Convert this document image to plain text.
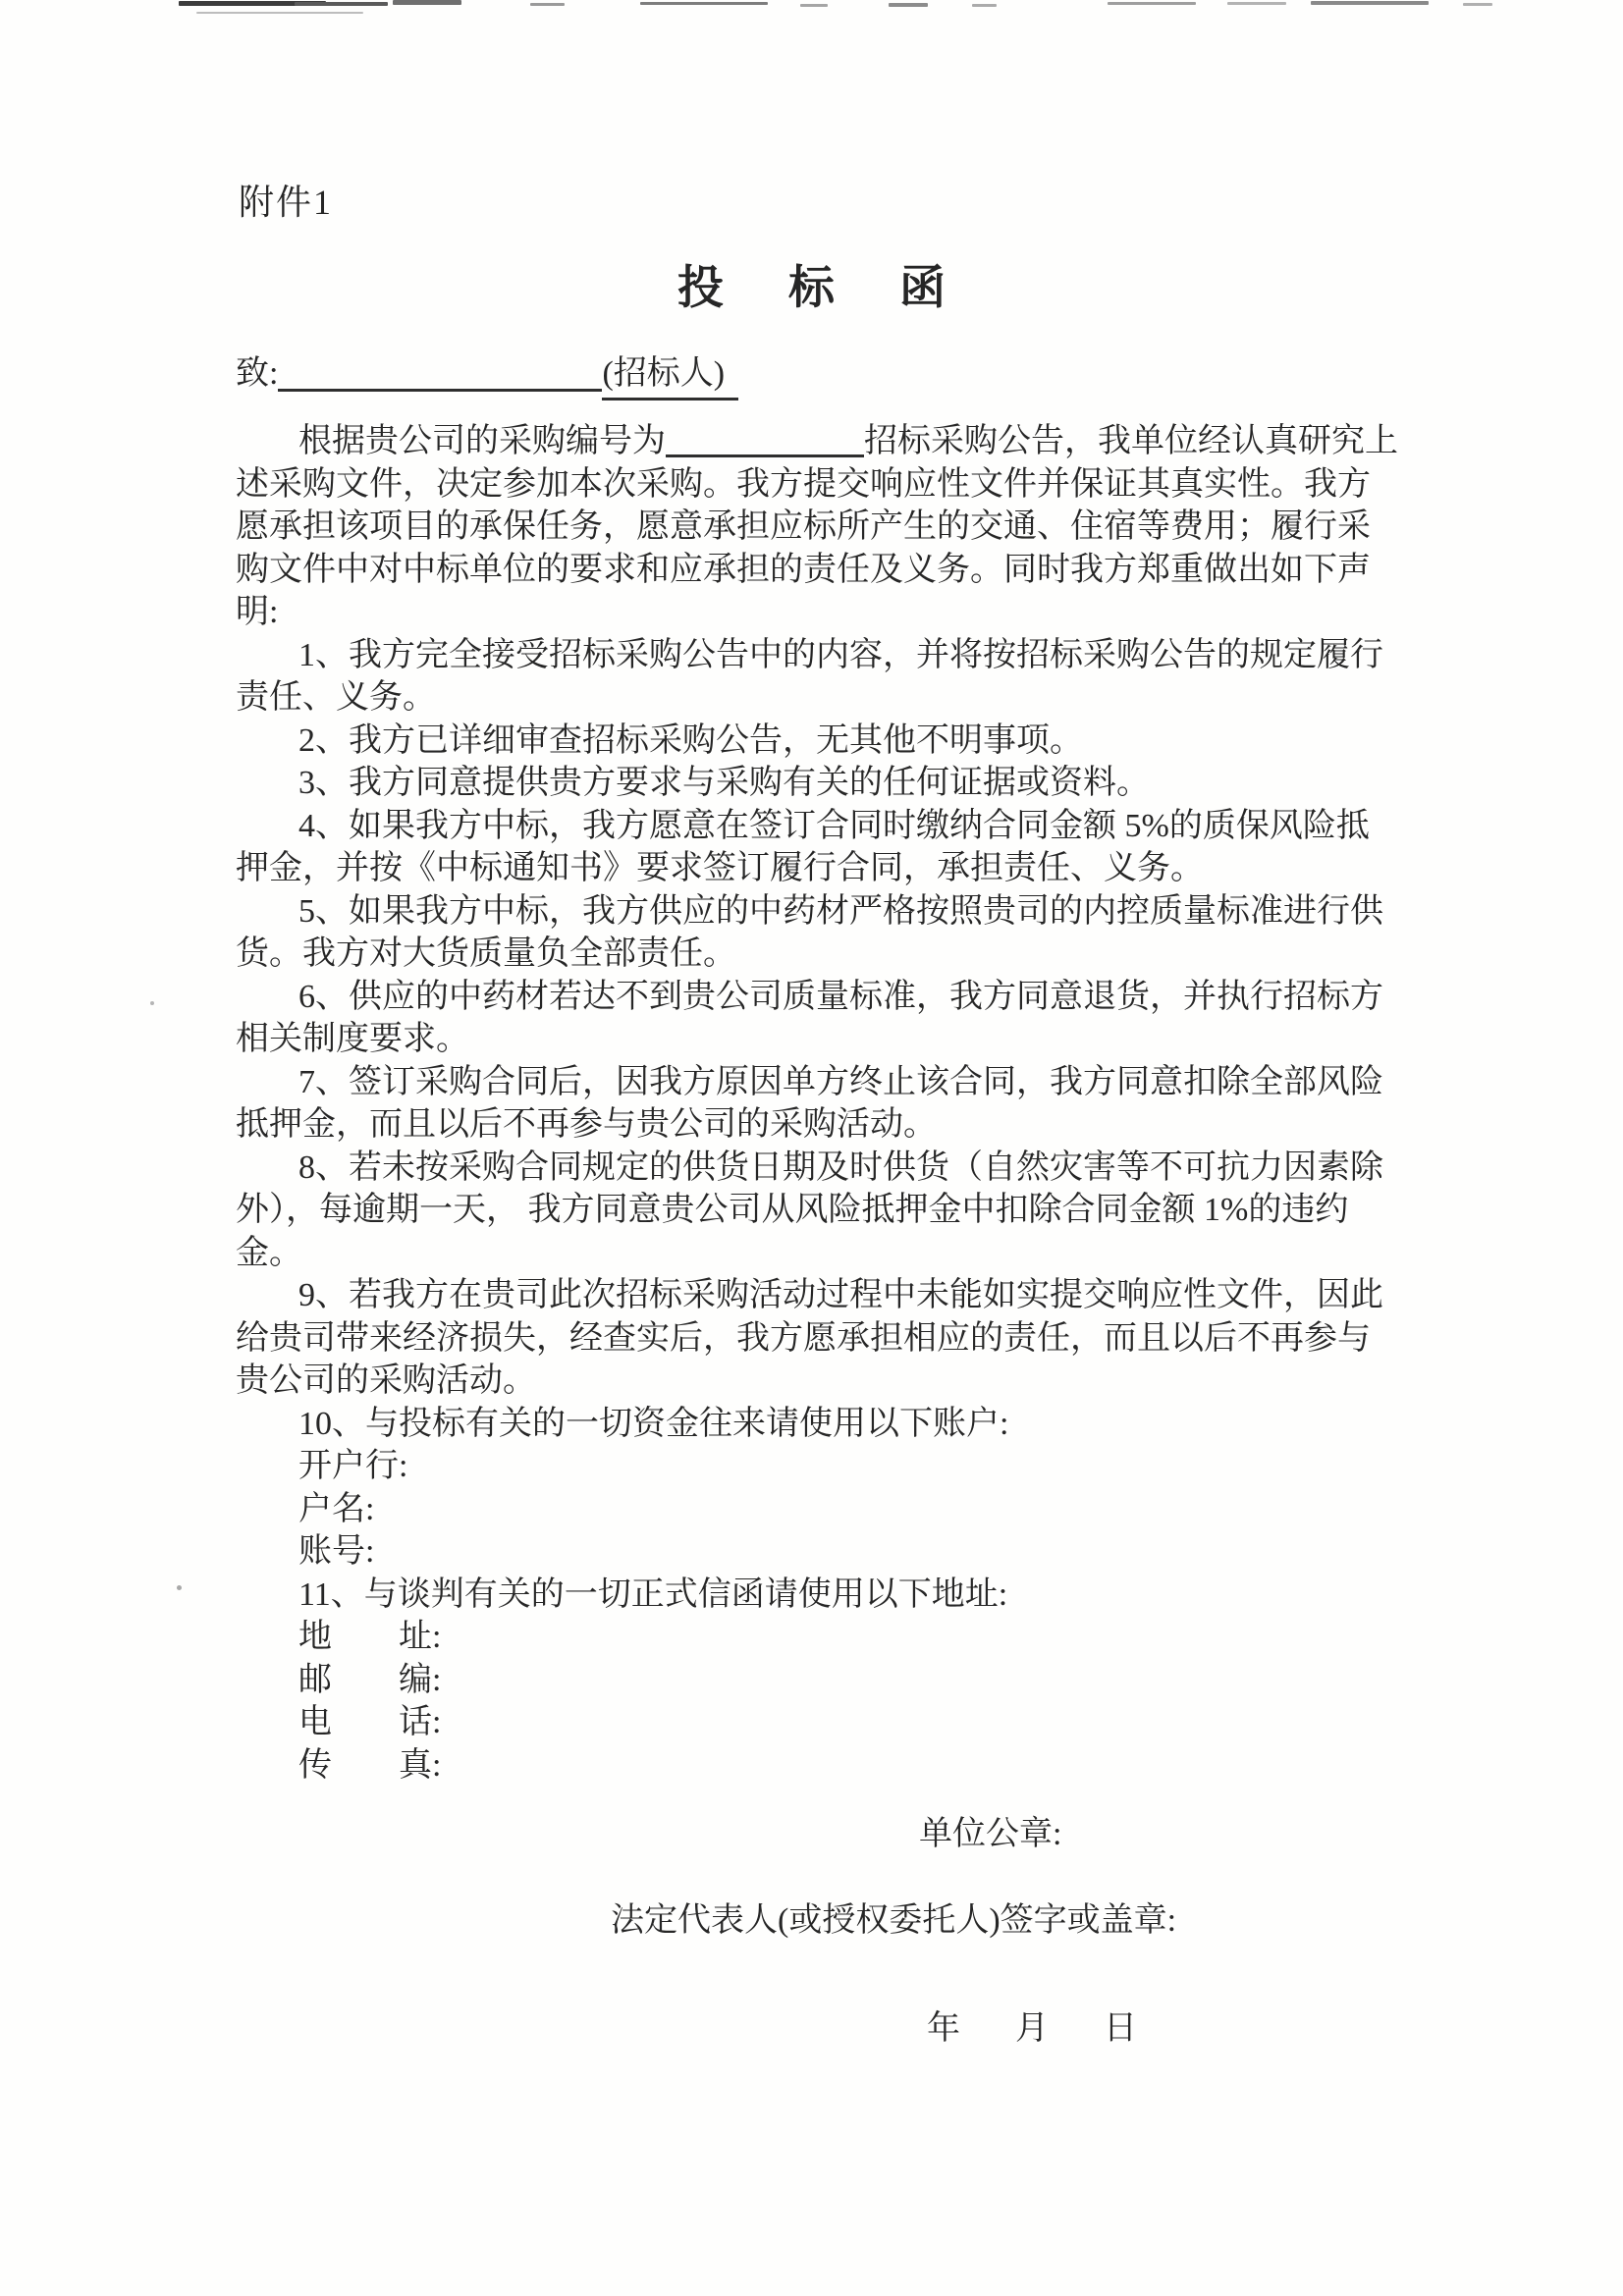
附件1
投标函
致:	(招标人)
根据贵公司的采购编号为	招标采购公告，我单位经认真研究上
述采购文件，决定参加本次采购。我方提交响应性文件并保证其真实性。我方
愿承担该项目的承保任务，愿意承担应标所产生的交通、住宿等费用；履行采
购文件中对中标单位的要求和应承担的责任及义务。同时我方郑重做出如下声
明:
1、我方完全接受招标采购公告中的内容，并将按招标采购公告的规定履行
责任、义务。
2、我方已详细审查招标采购公告，无其他不明事项。
3、我方同意提供贵方要求与采购有关的任何证据或资料。
4、如果我方中标，我方愿意在签订合同时缴纳合同金额 5%的质保风险抵
押金，并按《中标通知书》要求签订履行合同，承担责任、义务。
5、如果我方中标，我方供应的中药材严格按照贵司的内控质量标准进行供
货。我方对大货质量负全部责任。
6、供应的中药材若达不到贵公司质量标准，我方同意退货，并执行招标方
相关制度要求。
7、签订采购合同后，因我方原因单方终止该合同，我方同意扣除全部风险
抵押金，而且以后不再参与贵公司的采购活动。
8、若未按采购合同规定的供货日期及时供货（自然灾害等不可抗力因素除
外），每逾期一天， 我方同意贵公司从风险抵押金中扣除合同金额 1%的违约
金。
9、若我方在贵司此次招标采购活动过程中未能如实提交响应性文件，因此
给贵司带来经济损失，经查实后，我方愿承担相应的责任，而且以后不再参与
贵公司的采购活动。
10、与投标有关的一切资金往来请使用以下账户:
开户行:
户名:
账号:
11、与谈判有关的一切正式信函请使用以下地址:
地　　址:
邮　　编:
电　　话:
传　　真:
单位公章:
法定代表人(或授权委托人)签字或盖章:
年月日
